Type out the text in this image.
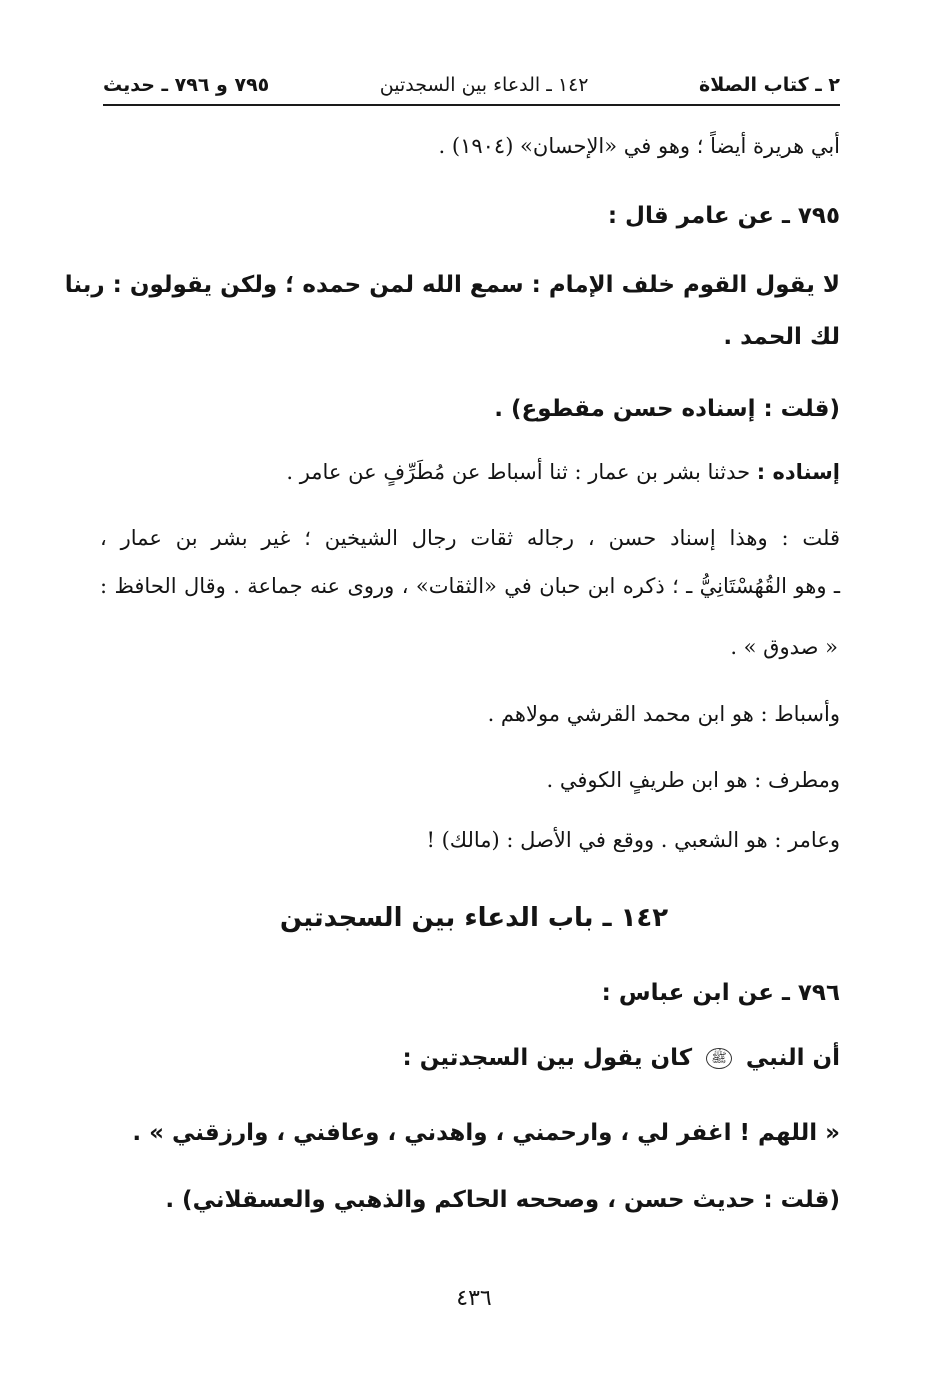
٢ ـ كتاب الصلاة
١٤٢ ـ الدعاء بين السجدتين
٧٩٥ و ٧٩٦ ـ حديث
أبي هريرة أيضاً ؛ وهو في «الإحسان» (١٩٠٤) .
٧٩٥ ـ عن عامر قال :
لا يقول القوم خلف الإمام : سمع الله لمن حمده ؛ ولكن يقولون : ربنا
لك الحمد .
(قلت : إسناده حسن مقطوع) .
إسناده : حدثنا بشر بن عمار : ثنا أسباط عن مُطَرِّفٍ عن عامر .
قلت : وهذا إسناد حسن ، رجاله ثقات رجال الشيخين ؛ غير بشر بن عمار ،
ـ وهو القُهُسْتَانِيُّ ـ ؛ ذكره ابن حبان في «الثقات» ، وروى عنه جماعة . وقال الحافظ :
« صدوق » .
وأسباط : هو ابن محمد القرشي مولاهم .
ومطرف : هو ابن طريفٍ الكوفي .
وعامر : هو الشعبي . ووقع في الأصل : (مالك) !
١٤٢ ـ باب الدعاء بين السجدتين
٧٩٦ ـ عن ابن عباس :
أن النبي ﷺ كان يقول بين السجدتين :
« اللهم ! اغفر لي ، وارحمني ، واهدني ، وعافني ، وارزقني » .
(قلت : حديث حسن ، وصححه الحاكم والذهبي والعسقلاني) .
٤٣٦
